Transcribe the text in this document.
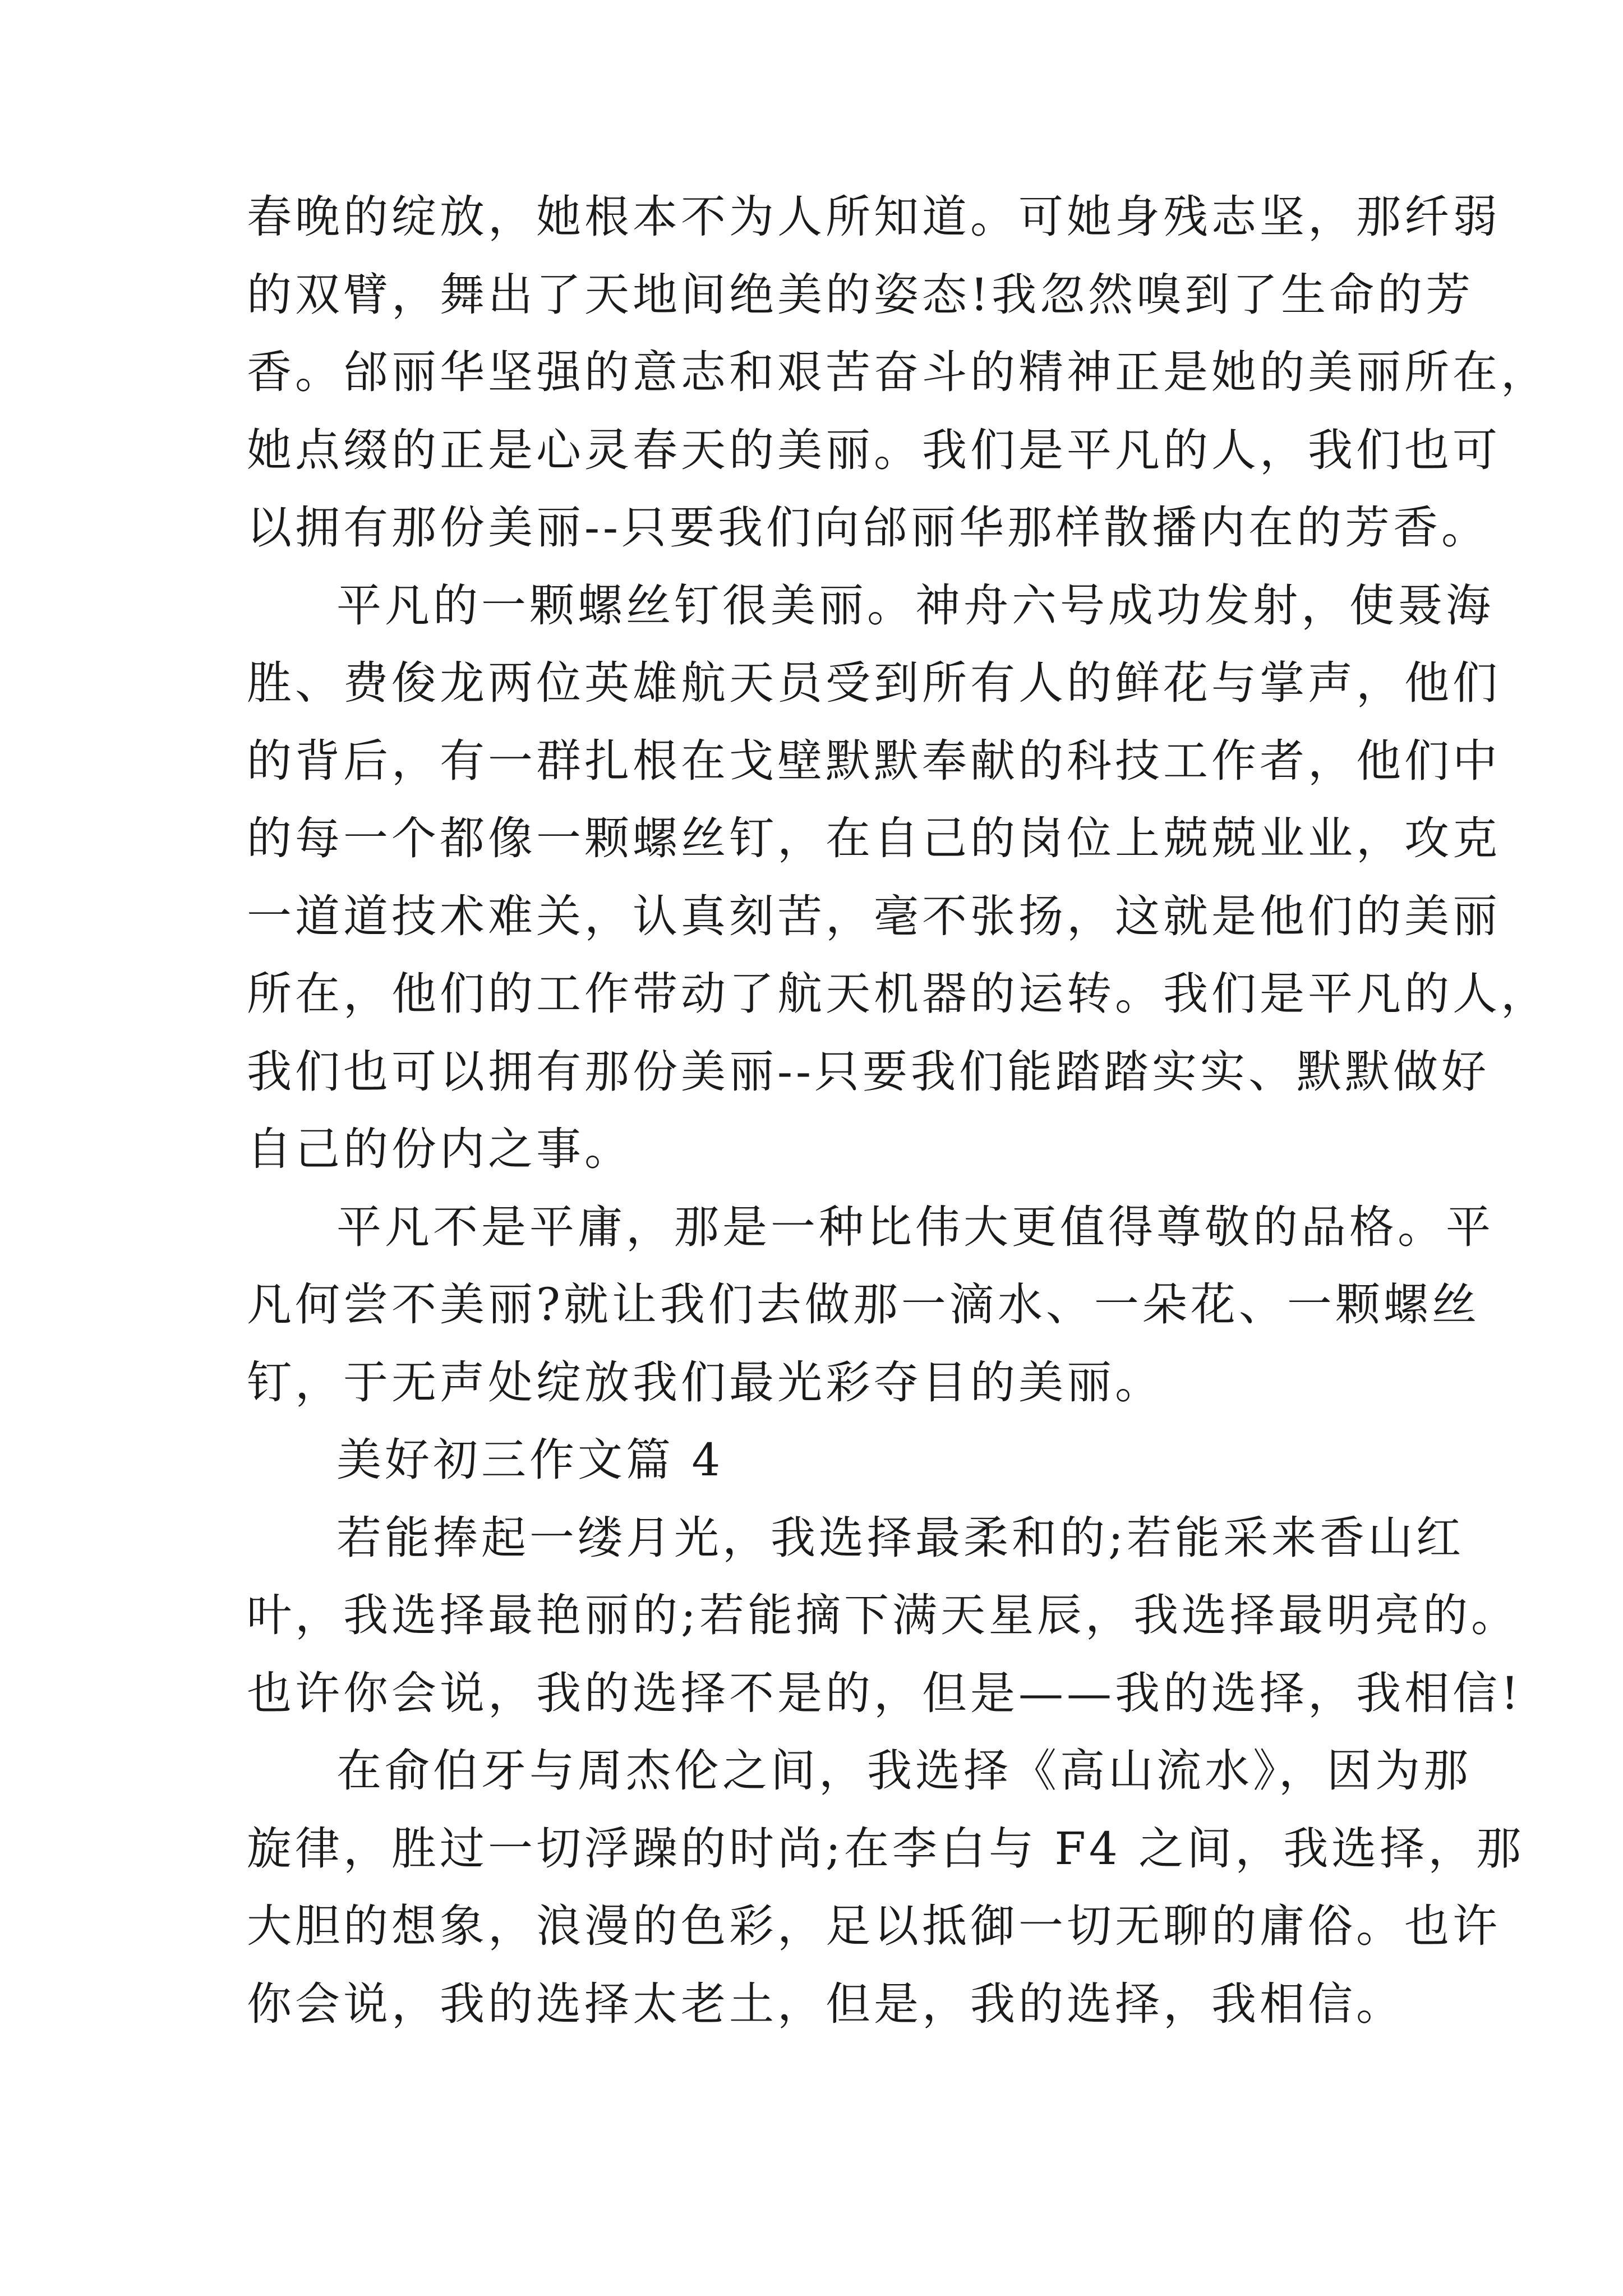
春晚的绽放，她根本不为人所知道。可她身残志坚，那纤弱
的双臂，舞出了天地间绝美的姿态!我忽然嗅到了生命的芳
香。邰丽华坚强的意志和艰苦奋斗的精神正是她的美丽所在，
她点缀的正是心灵春天的美丽。我们是平凡的人，我们也可
以拥有那份美丽--只要我们向邰丽华那样散播内在的芳香。
平凡的一颗螺丝钉很美丽。神舟六号成功发射，使聂海
胜、费俊龙两位英雄航天员受到所有人的鲜花与掌声，他们
的背后，有一群扎根在戈壁默默奉献的科技工作者，他们中
的每一个都像一颗螺丝钉，在自己的岗位上兢兢业业，攻克
一道道技术难关，认真刻苦，毫不张扬，这就是他们的美丽
所在，他们的工作带动了航天机器的运转。我们是平凡的人，
我们也可以拥有那份美丽--只要我们能踏踏实实、默默做好
自己的份内之事。
平凡不是平庸，那是一种比伟大更值得尊敬的品格。平
凡何尝不美丽?就让我们去做那一滴水、一朵花、一颗螺丝
钉，于无声处绽放我们最光彩夺目的美丽。
美好初三作文篇 4
若能捧起一缕月光，我选择最柔和的;若能采来香山红
叶，我选择最艳丽的;若能摘下满天星辰，我选择最明亮的。
也许你会说，我的选择不是的，但是——我的选择，我相信!
在俞伯牙与周杰伦之间，我选择《高山流水》，因为那
旋律，胜过一切浮躁的时尚;在李白与 F4 之间，我选择，那
大胆的想象，浪漫的色彩，足以抵御一切无聊的庸俗。也许
你会说，我的选择太老土，但是，我的选择，我相信。
